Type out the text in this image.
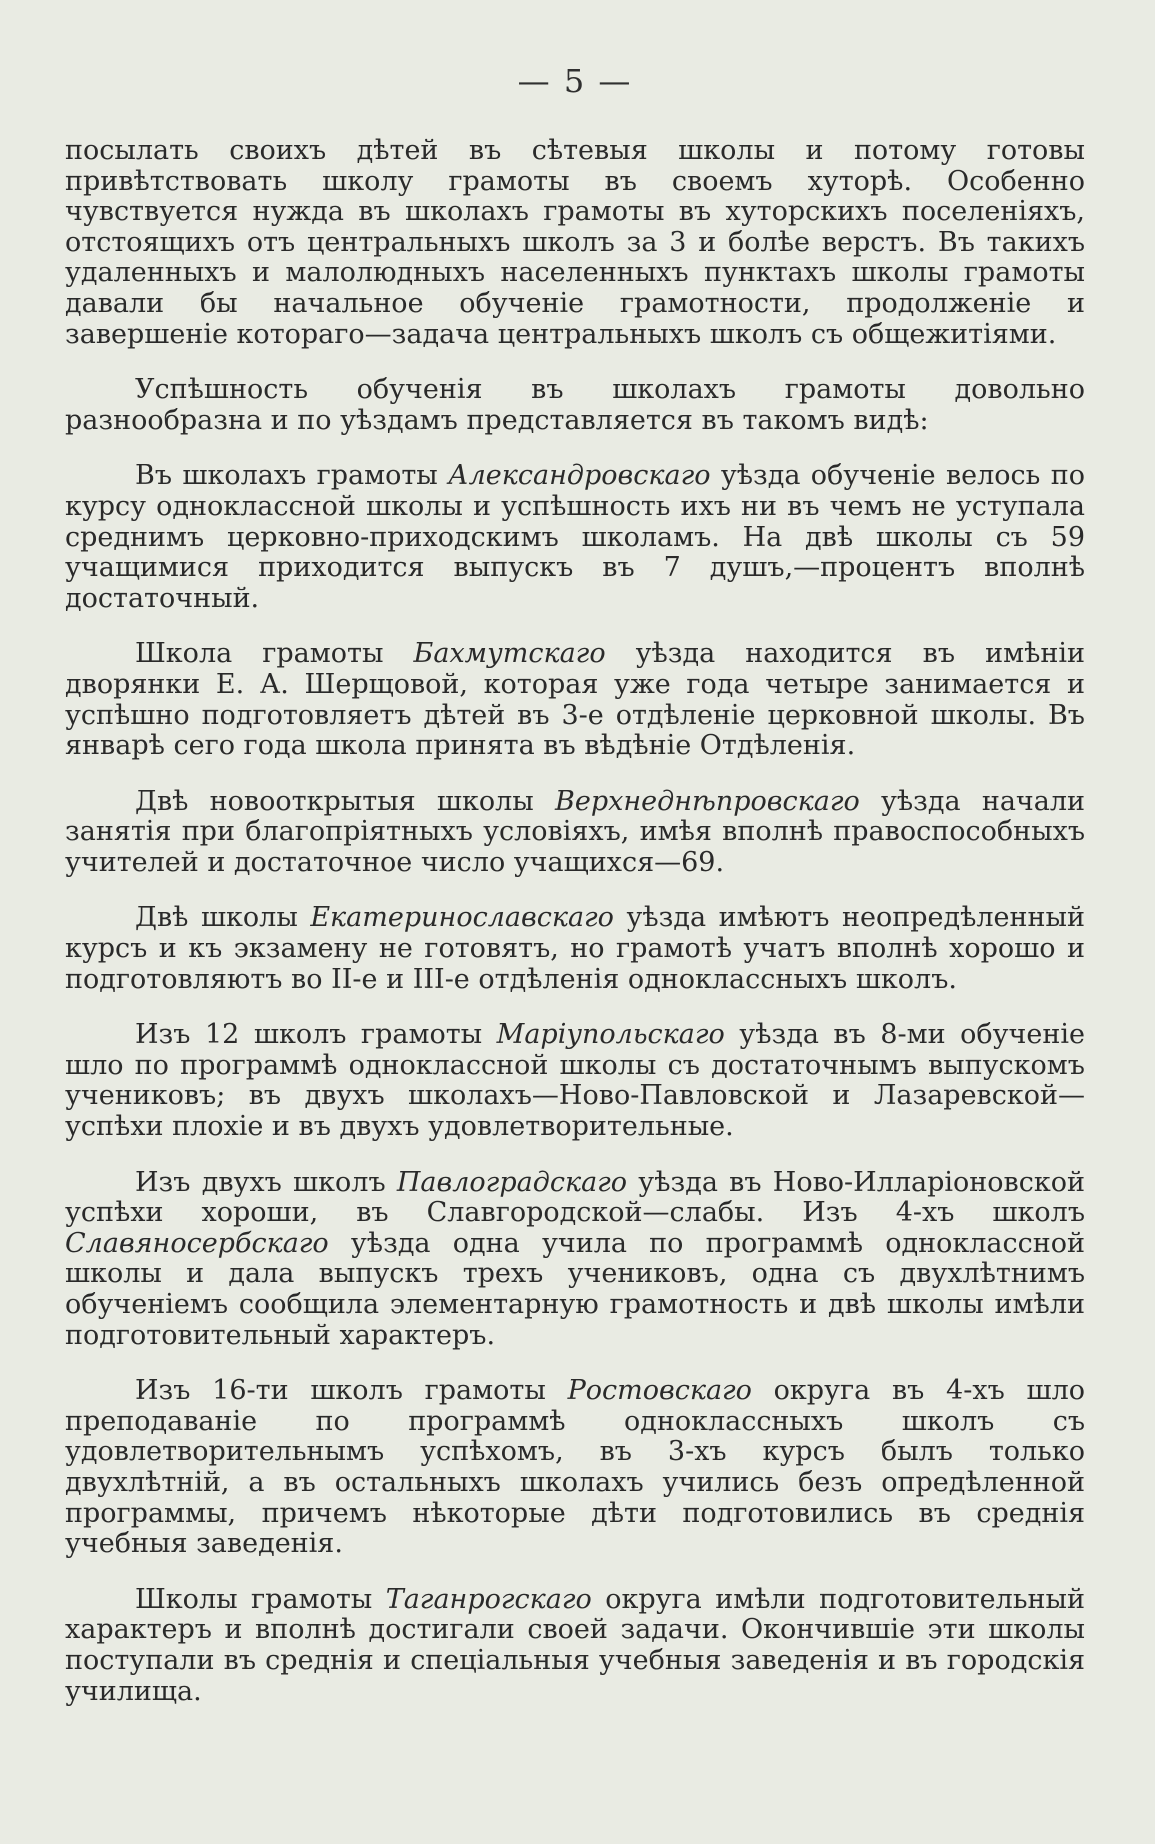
— 5 —

посылать своихъ дѣтей въ сѣтевыя школы и потому готовы привѣтствовать школу грамоты въ своемъ хуторѣ. Особенно чувствуется нужда въ школахъ грамоты въ хуторскихъ поселеніяхъ, отстоящихъ отъ центральныхъ школъ за 3 и болѣе верстъ. Въ такихъ удаленныхъ и малолюдныхъ населенныхъ пунктахъ школы грамоты давали бы начальное обученіе грамотности, продолженіе и завершеніе котораго—задача центральныхъ школъ съ общежитіями.

Успѣшность обученія въ школахъ грамоты довольно разнообразна и по уѣздамъ представляется въ такомъ видѣ:

Въ школахъ грамоты Александровскаго уѣзда обученіе велось по курсу одноклассной школы и успѣшность ихъ ни въ чемъ не уступала среднимъ церковно-приходскимъ школамъ. На двѣ школы съ 59 учащимися приходится выпускъ въ 7 душъ,—процентъ вполнѣ достаточный.

Школа грамоты Бахмутскаго уѣзда находится въ имѣніи дворянки Е. А. Шерщовой, которая уже года четыре занимается и успѣшно подготовляетъ дѣтей въ 3-е отдѣленіе церковной школы. Въ январѣ сего года школа принята въ вѣдѣніе Отдѣленія.

Двѣ новооткрытыя школы Верхнеднѣпровскаго уѣзда начали занятія при благопріятныхъ условіяхъ, имѣя вполнѣ правоспособныхъ учителей и достаточное число учащихся—69.

Двѣ школы Екатеринославскаго уѣзда имѣютъ неопредѣленный курсъ и къ экзамену не готовятъ, но грамотѣ учатъ вполнѣ хорошо и подготовляютъ во II-е и III-е отдѣленія одноклассныхъ школъ.

Изъ 12 школъ грамоты Маріупольскаго уѣзда въ 8-ми обученіе шло по программѣ одноклассной школы съ достаточнымъ выпускомъ учениковъ; въ двухъ школахъ—Ново-Павловской и Лазаревской—успѣхи плохіе и въ двухъ удовлетворительные.

Изъ двухъ школъ Павлоградскаго уѣзда въ Ново-Илларіоновской успѣхи хороши, въ Славгородской—слабы. Изъ 4-хъ школъ Славяносербскаго уѣзда одна учила по программѣ одноклассной школы и дала выпускъ трехъ учениковъ, одна съ двухлѣтнимъ обученіемъ сообщила элементарную грамотность и двѣ школы имѣли подготовительный характеръ.

Изъ 16-ти школъ грамоты Ростовскаго округа въ 4-хъ шло преподаваніе по программѣ одноклассныхъ школъ съ удовлетворительнымъ успѣхомъ, въ 3-хъ курсъ былъ только двухлѣтній, а въ остальныхъ школахъ учились безъ опредѣленной программы, причемъ нѣкоторые дѣти подготовились въ среднія учебныя заведенія.

Школы грамоты Таганрогскаго округа имѣли подготовительный характеръ и вполнѣ достигали своей задачи. Окончившіе эти школы поступали въ среднія и спеціальныя учебныя заведенія и въ городскія училища.
